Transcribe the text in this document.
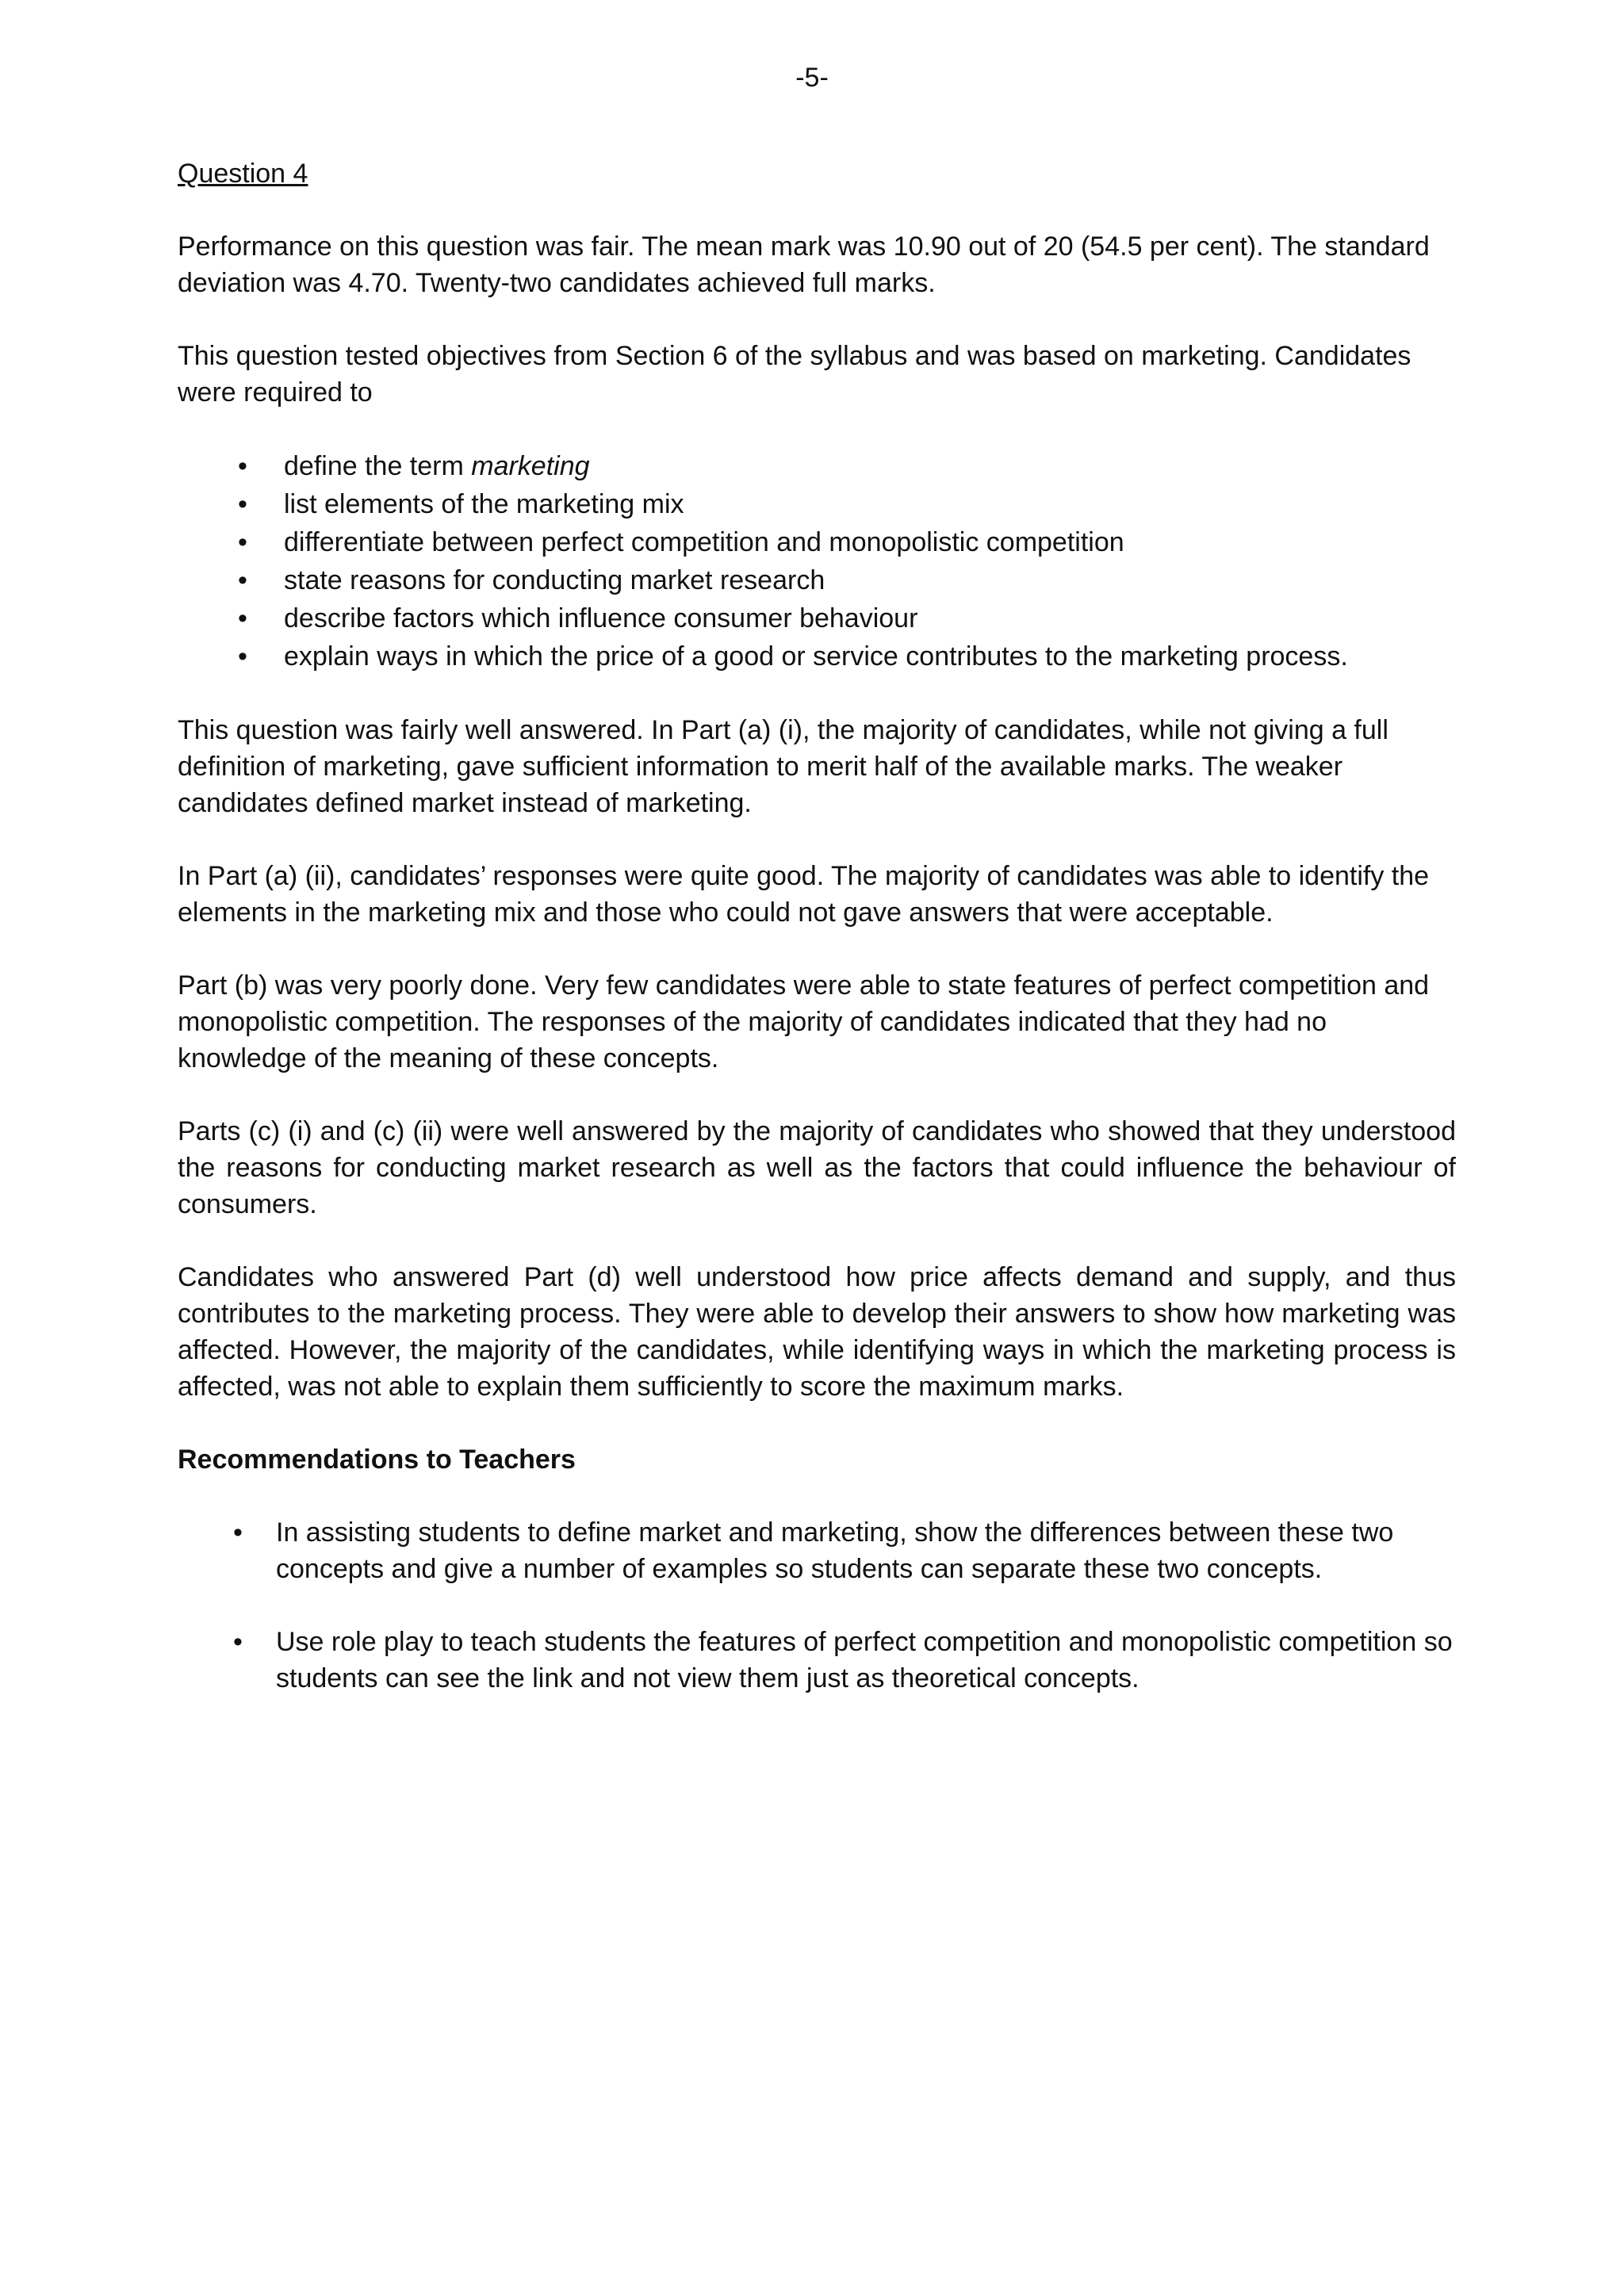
-5-

Question 4

Performance on this question was fair. The mean mark was 10.90 out of 20 (54.5 per cent). The standard deviation was 4.70. Twenty-two candidates achieved full marks.

This question tested objectives from Section 6 of the syllabus and was based on marketing. Candidates were required to

• define the term marketing
• list elements of the marketing mix
• differentiate between perfect competition and monopolistic competition
• state reasons for conducting market research
• describe factors which influence consumer behaviour
• explain ways in which the price of a good or service contributes to the marketing process.

This question was fairly well answered. In Part (a) (i), the majority of candidates, while not giving a full definition of marketing, gave sufficient information to merit half of the available marks. The weaker candidates defined market instead of marketing.

In Part (a) (ii), candidates’ responses were quite good. The majority of candidates was able to identify the elements in the marketing mix and those who could not gave answers that were acceptable.

Part (b) was very poorly done. Very few candidates were able to state features of perfect competition and monopolistic competition. The responses of the majority of candidates indicated that they had no knowledge of the meaning of these concepts.

Parts (c) (i) and (c) (ii) were well answered by the majority of candidates who showed that they understood the reasons for conducting market research as well as the factors that could influence the behaviour of consumers.

Candidates who answered Part (d) well understood how price affects demand and supply, and thus contributes to the marketing process. They were able to develop their answers to show how marketing was affected. However, the majority of the candidates, while identifying ways in which the marketing process is affected, was not able to explain them sufficiently to score the maximum marks.

Recommendations to Teachers

• In assisting students to define market and marketing, show the differences between these two concepts and give a number of examples so students can separate these two concepts.
• Use role play to teach students the features of perfect competition and monopolistic competition so students can see the link and not view them just as theoretical concepts.
